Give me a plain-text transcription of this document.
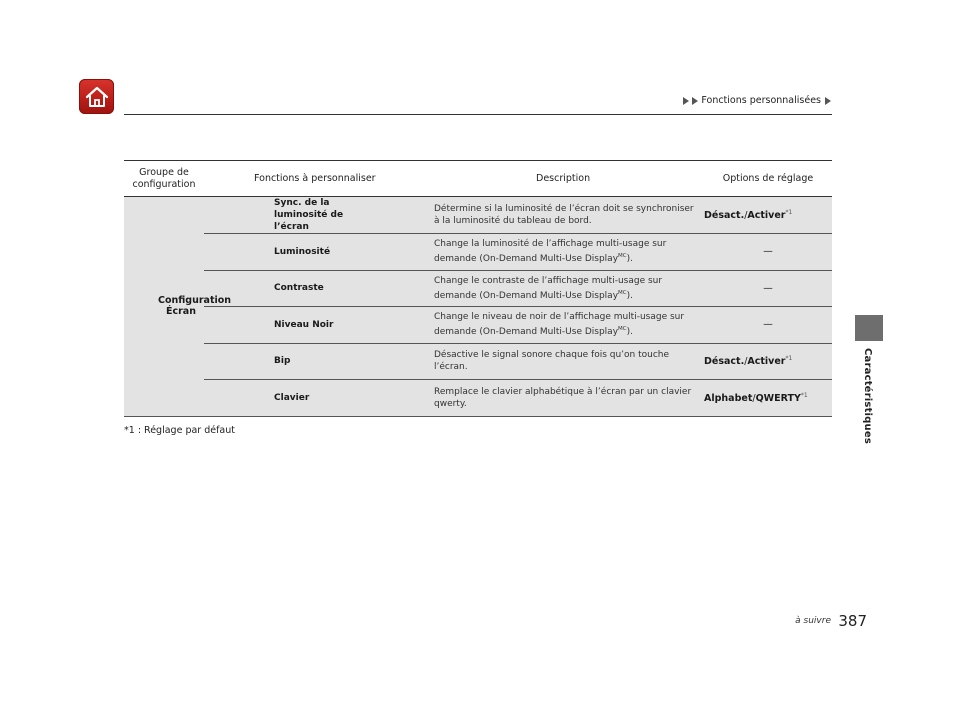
Fonctions personnalisées
Caractéristiques
Groupe de
configuration	Fonctions à personnaliser	Description	Options de réglage
Configuration Écran	Sync. de la luminosité de l’écran	Détermine si la luminosité de l’écran doit se synchroniser à la luminosité du tableau de bord.	Désact./Activer$^{*1}$
	Luminosité	Change la luminosité de l’affichage multi-usage sur demande (On-Demand Multi-Use Display$^{MC}$).	—
	Contraste	Change le contraste de l’affichage multi-usage sur demande (On-Demand Multi-Use Display$^{MC}$).	—
	Niveau Noir	Change le niveau de noir de l’affichage multi-usage sur demande (On-Demand Multi-Use Display$^{MC}$).	—
	Bip	Désactive le signal sonore chaque fois qu’on touche l’écran.	Désact./Activer$^{*1}$
	Clavier	Remplace le clavier alphabétique à l’écran par un clavier qwerty.	Alphabet/QWERTY$^{*1}$
*1 : Réglage par défaut
à suivre 387
